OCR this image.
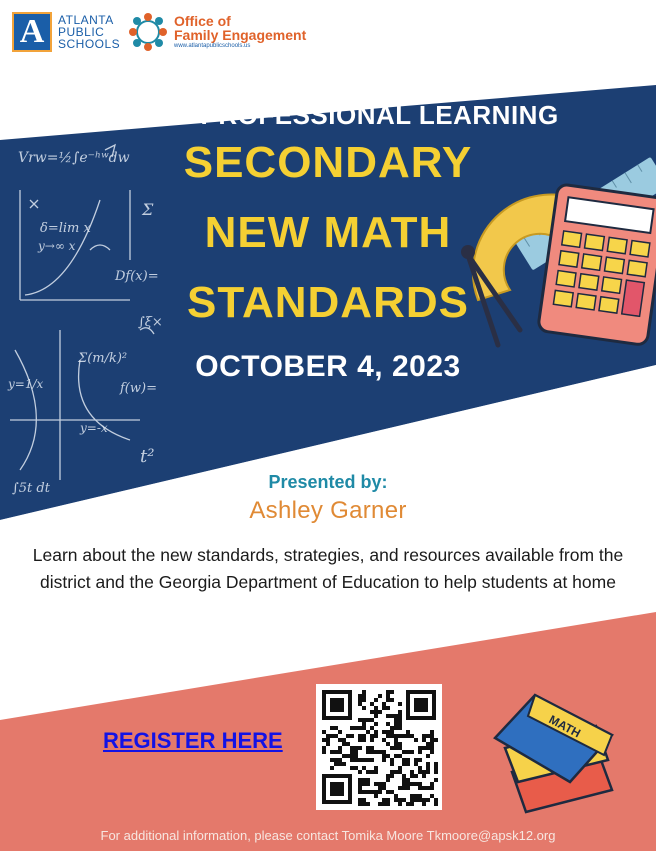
Vrw=½∫e⁻ʰʷdw
δ=lim x
y→∞ x
Df(x)=
Σ(m/k)²
f(w)=
y=1/x
y=-x
∫5t dt
t²
Σ
∫ξ×
A	ATLANTA
PUBLIC
SCHOOLS
Office of
Family Engagement
www.atlantapublicschools.us
FAMILY PROFESSIONAL LEARNING
SECONDARY
NEW MATH
STANDARDS
OCTOBER 4, 2023
Presented by:
Ashley Garner
Learn about the new standards, strategies, and resources available from the district and the Georgia Department of Education to help students at home
REGISTER HERE	MATH
For additional information, please contact Tomika Moore Tkmoore@apsk12.org
